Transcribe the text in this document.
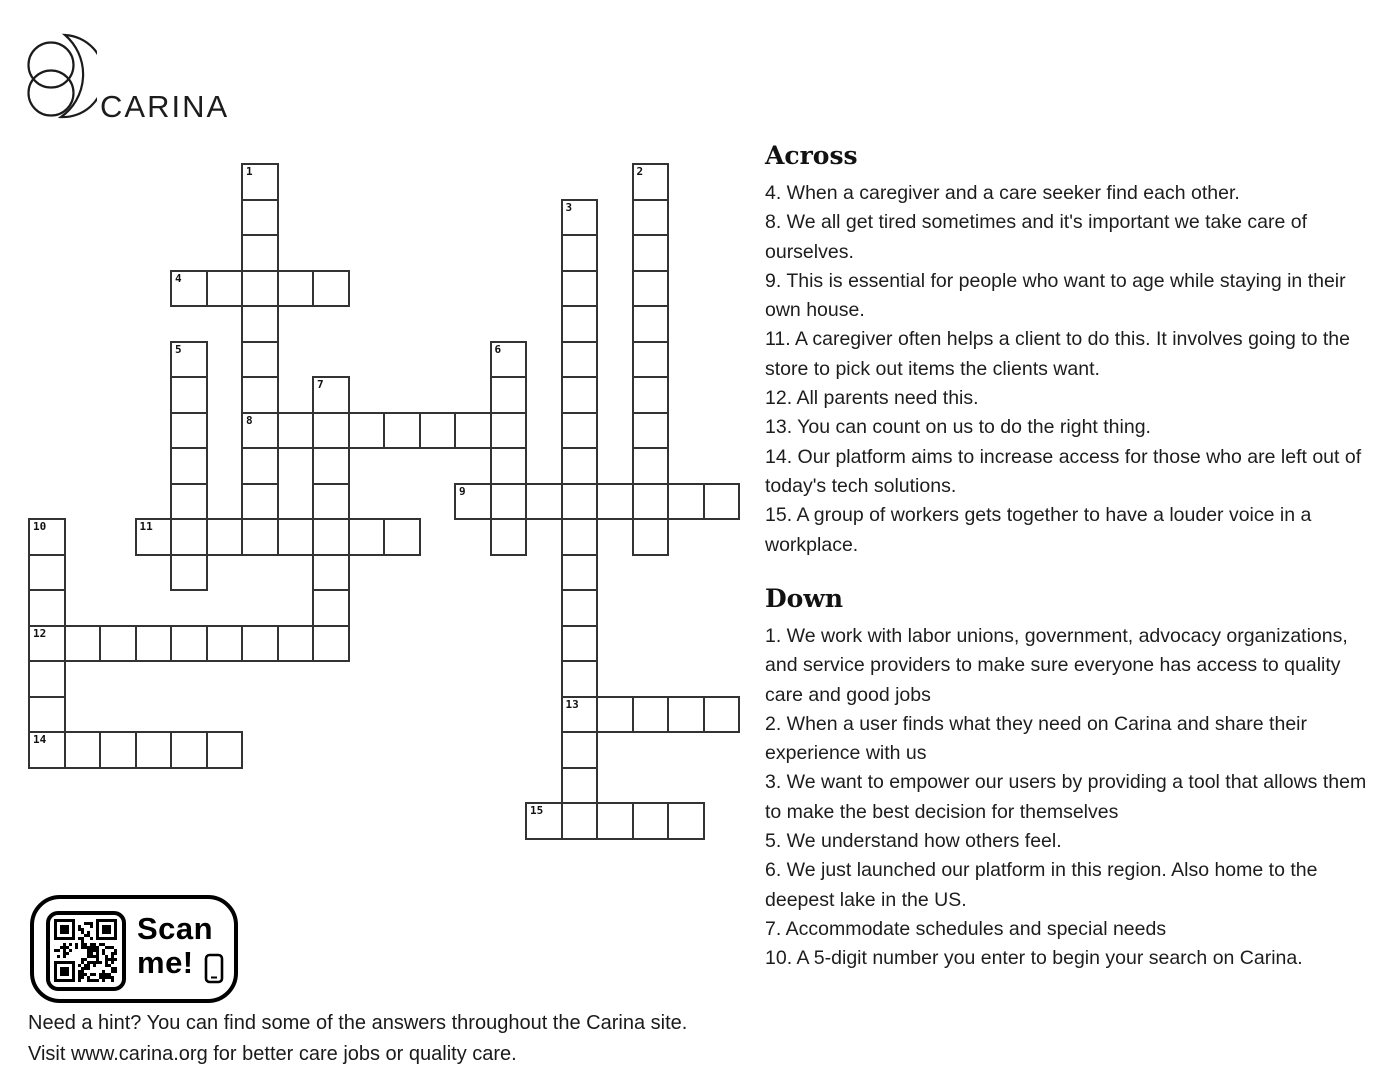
CARINA
4
8
9
11
12
13
14
15
1	2
3
5	6
7
10
Across

4. When a caregiver and a care seeker find each other.

8. We all get tired sometimes and it's important we take care of ourselves.

9. This is essential for people who want to age while staying in their own house.

11. A caregiver often helps a client to do this. It involves going to the store to pick out items the clients want.

12. All parents need this.

13. You can count on us to do the right thing.

14. Our platform aims to increase access for those who are left out of today's tech solutions.

15. A group of workers gets together to have a louder voice in a workplace.

Down

1. We work with labor unions, government, advocacy organizations, and service providers to make sure everyone has access to quality care and good jobs

2. When a user finds what they need on Carina and share their experience with us

3. We want to empower our users by providing a tool that allows them to make the best decision for themselves

5. We understand how others feel.

6. We just launched our platform in this region. Also home to the deepest lake in the US.

7. Accommodate schedules and special needs

10. A 5-digit number you enter to begin your search on Carina.

Scan
me!

Need a hint? You can find some of the answers throughout the Carina site.

Visit www.carina.org for better care jobs or quality care.
